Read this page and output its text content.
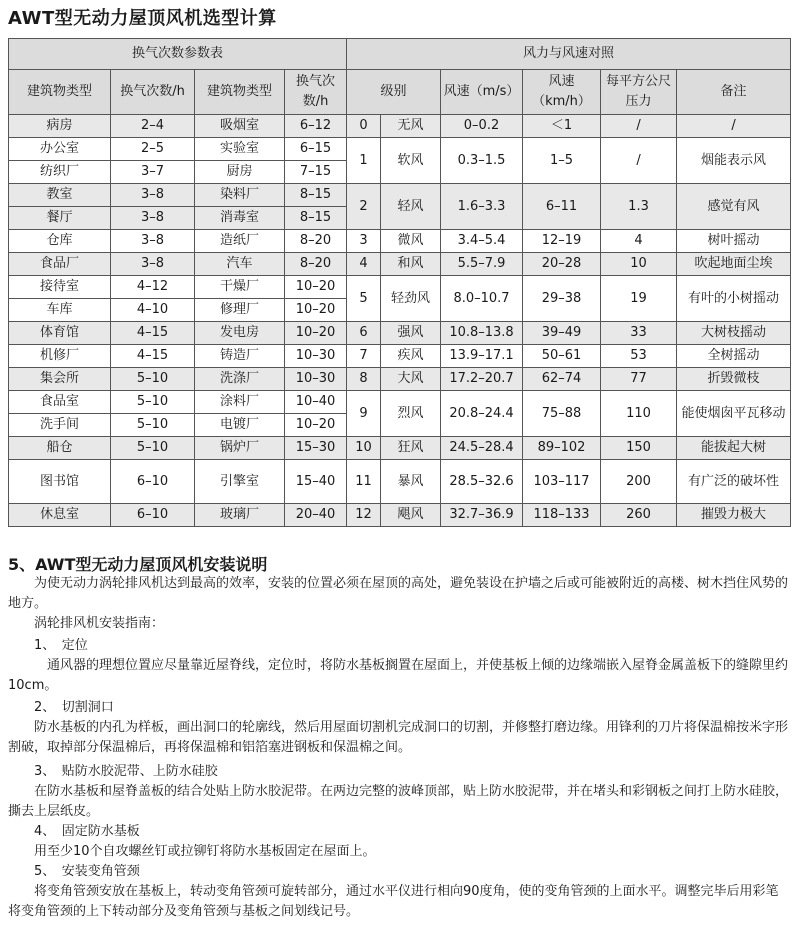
AWT型无动力屋顶风机选型计算
换气次数参数表				风力与风速对照					
建筑物类型	换气次数/h	建筑物类型	换气次数/h	级别		风速（m/s）	风速（km/h）	每平方公尺压力	备注
病房	2–4	吸烟室	6–12	0	无风	0–0.2	＜1	/	/
办公室	2–5	实验室	6–15	1	软风	0.3–1.5	1–5	/	烟能表示风
纺织厂	3–7	厨房	7–15						
教室	3–8	染料厂	8–15	2	轻风	1.6–3.3	6–11	1.3	感觉有风
餐厅	3–8	消毒室	8–15						
仓库	3–8	造纸厂	8–20	3	微风	3.4–5.4	12–19	4	树叶摇动
食品厂	3–8	汽车	8–20	4	和风	5.5–7.9	20–28	10	吹起地面尘埃
接待室	4–12	干燥厂	10–20	5	轻劲风	8.0–10.7	29–38	19	有叶的小树摇动
车库	4–10	修理厂	10–20						
体育馆	4–15	发电房	10–20	6	强风	10.8–13.8	39–49	33	大树枝摇动
机修厂	4–15	铸造厂	10–30	7	疾风	13.9–17.1	50–61	53	全树摇动
集会所	5–10	洗涤厂	10–30	8	大风	17.2–20.7	62–74	77	折毁微枝
食品室	5–10	涂料厂	10–40	9	烈风	20.8–24.4	75–88	110	能使烟囱平瓦移动
洗手间	5–10	电镀厂	10–20						
船仓	5–10	锅炉厂	15–30	10	狂风	24.5–28.4	89–102	150	能拔起大树
图书馆	6–10	引擎室	15–40	11	暴风	28.5–32.6	103–117	200	有广泛的破坏性
休息室	6–10	玻璃厂	20–40	12	飓风	32.7–36.9	118–133	260	摧毁力极大
5、AWT型无动力屋顶风机安装说明

　　为使无动力涡轮排风机达到最高的效率，安装的位置必须在屋顶的高处，避免装设在护墙之后或可能被附近的高楼、树木挡住风势的地方。

　　涡轮排风机安装指南：

　　1、　定位

　　　通风器的理想位置应尽量靠近屋脊线，定位时，将防水基板搁置在屋面上，并使基板上倾的边缘端嵌入屋脊金属盖板下的缝隙里约10cm。

　　2、　切割洞口

　　防水基板的内孔为样板，画出洞口的轮廓线，然后用屋面切割机完成洞口的切割，并修整打磨边缘。用锋利的刀片将保温棉按米字形割破，取掉部分保温棉后，再将保温棉和铝箔塞进钢板和保温棉之间。

　　3、　贴防水胶泥带、上防水硅胶

　　在防水基板和屋脊盖板的结合处贴上防水胶泥带。在两边完整的波峰顶部，贴上防水胶泥带，并在堵头和彩钢板之间打上防水硅胶，撕去上层纸皮。

　　4、　固定防水基板

　　用至少10个自攻螺丝钉或拉铆钉将防水基板固定在屋面上。

　　5、　安装变角管颈

　　将变角管颈安放在基板上，转动变角管颈可旋转部分，通过水平仪进行相向90度角，使的变角管颈的上面水平。调整完毕后用彩笔将变角管颈的上下转动部分及变角管颈与基板之间划线记号。
